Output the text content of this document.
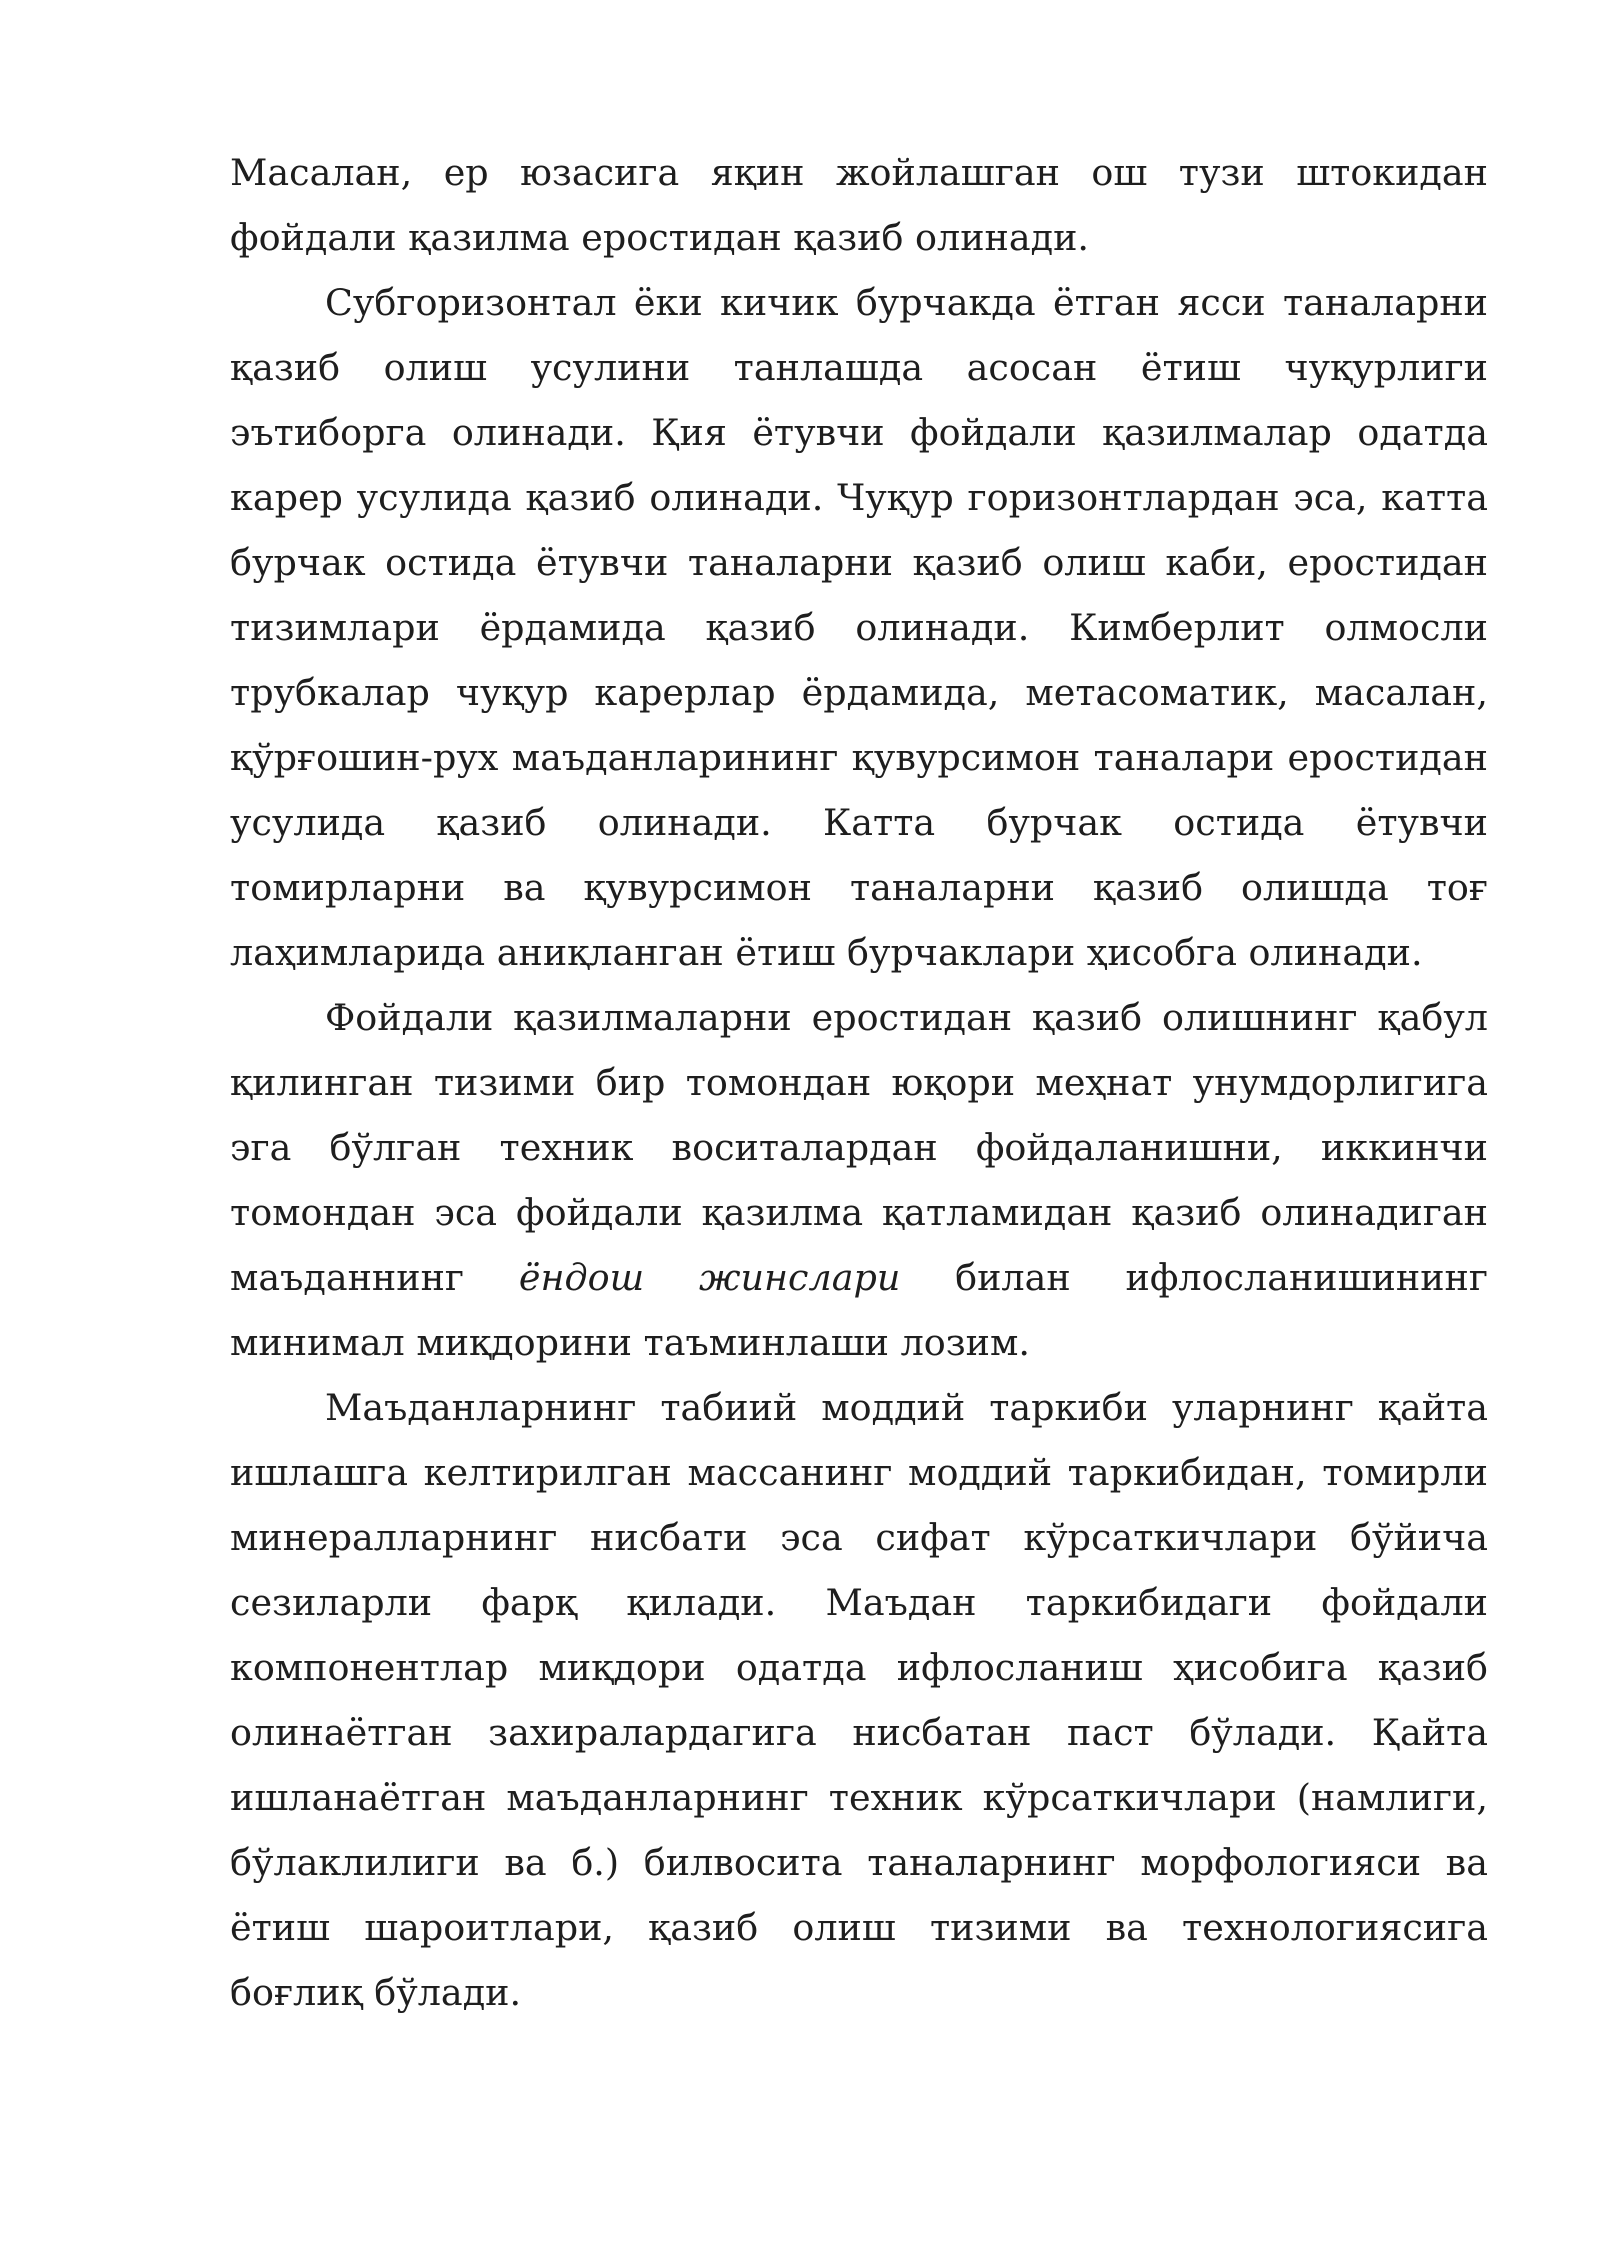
Масалан, ер юзасига яқин жойлашган ош тузи штокидан фойдали қазилма еростидан қазиб олинади.

Субгоризонтал ёки кичик бурчакда ётган ясси таналарни қазиб олиш усулини танлашда асосан ётиш чуқурлиги эътиборга олинади. Қия ётувчи фойдали қазилмалар одатда карер усулида қазиб олинади. Чуқур горизонтлардан эса, катта бурчак остида ётувчи таналарни қазиб олиш каби, еростидан тизимлари ёрдамида қазиб олинади. Кимберлит олмосли трубкалар чуқур карерлар ёрдамида, метасоматик, масалан, қўрғошин-рух маъданларининг қувурсимон таналари еростидан усулида қазиб олинади. Катта бурчак остида ётувчи томирларни ва қувурсимон таналарни қазиб олишда тоғ лаҳимларида аниқланган ётиш бурчаклари ҳисобга олинади.

Фойдали қазилмаларни еростидан қазиб олишнинг қабул қилинган тизими бир томондан юқори меҳнат унумдорлигига эга бўлган техник воситалардан фойдаланишни, иккинчи томондан эса фойдали қазилма қатламидан қазиб олинадиган маъданнинг ёндош жинслари билан ифлосланишининг минимал миқдорини таъминлаши лозим.

Маъданларнинг табиий моддий таркиби уларнинг қайта ишлашга келтирилган массанинг моддий таркибидан, томирли минералларнинг нисбати эса сифат кўрсаткичлари бўйича сезиларли фарқ қилади. Маъдан таркибидаги фойдали компонентлар миқдори одатда ифлосланиш ҳисобига қазиб олинаётган захиралардагига нисбатан паст бўлади. Қайта ишланаётган маъданларнинг техник кўрсаткичлари (намлиги, бўлаклилиги ва б.) билвосита таналарнинг морфологияси ва ётиш шароитлари, қазиб олиш тизими ва технологиясига боғлиқ бўлади.
